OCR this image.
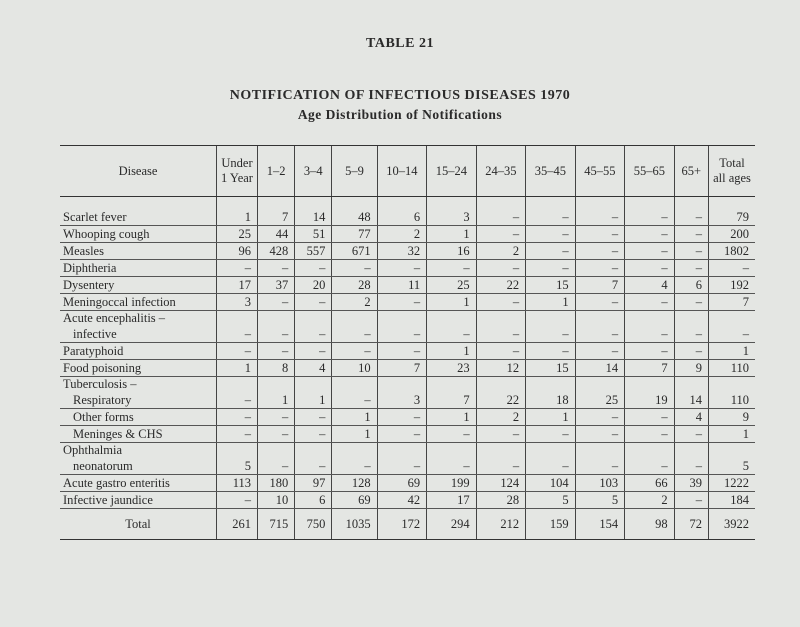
TABLE 21
NOTIFICATION OF INFECTIOUS DISEASES 1970
Age Distribution of Notifications
Disease	Under 1 Year	1–2	3–4	5–9	10–14	15–24	24–35	35–45	45–55	55–65	65+	Total all ages

Scarlet fever	1	7	14	48	6	3	–	–	–	–	–	79
Whooping cough	25	44	51	77	2	1	–	–	–	–	–	200
Measles	96	428	557	671	32	16	2	–	–	–	–	1802
Diphtheria	–	–	–	–	–	–	–	–	–	–	–	–
Dysentery	17	37	20	28	11	25	22	15	7	4	6	192
Meningoccal infection	3	–	–	2	–	1	–	1	–	–	–	7
Acute encephalitis –												
infective	–	–	–	–	–	–	–	–	–	–	–	–
Paratyphoid	–	–	–	–	–	1	–	–	–	–	–	1
Food poisoning	1	8	4	10	7	23	12	15	14	7	9	110
Tuberculosis –												
Respiratory	–	1	1	–	3	7	22	18	25	19	14	110
Other forms	–	–	–	1	–	1	2	1	–	–	4	9
Meninges & CHS	–	–	–	1	–	–	–	–	–	–	–	1
Ophthalmia												
neonatorum	5	–	–	–	–	–	–	–	–	–	–	5
Acute gastro enteritis	113	180	97	128	69	199	124	104	103	66	39	1222
Infective jaundice	–	10	6	69	42	17	28	5	5	2	–	184
Total	261	715	750	1035	172	294	212	159	154	98	72	3922
